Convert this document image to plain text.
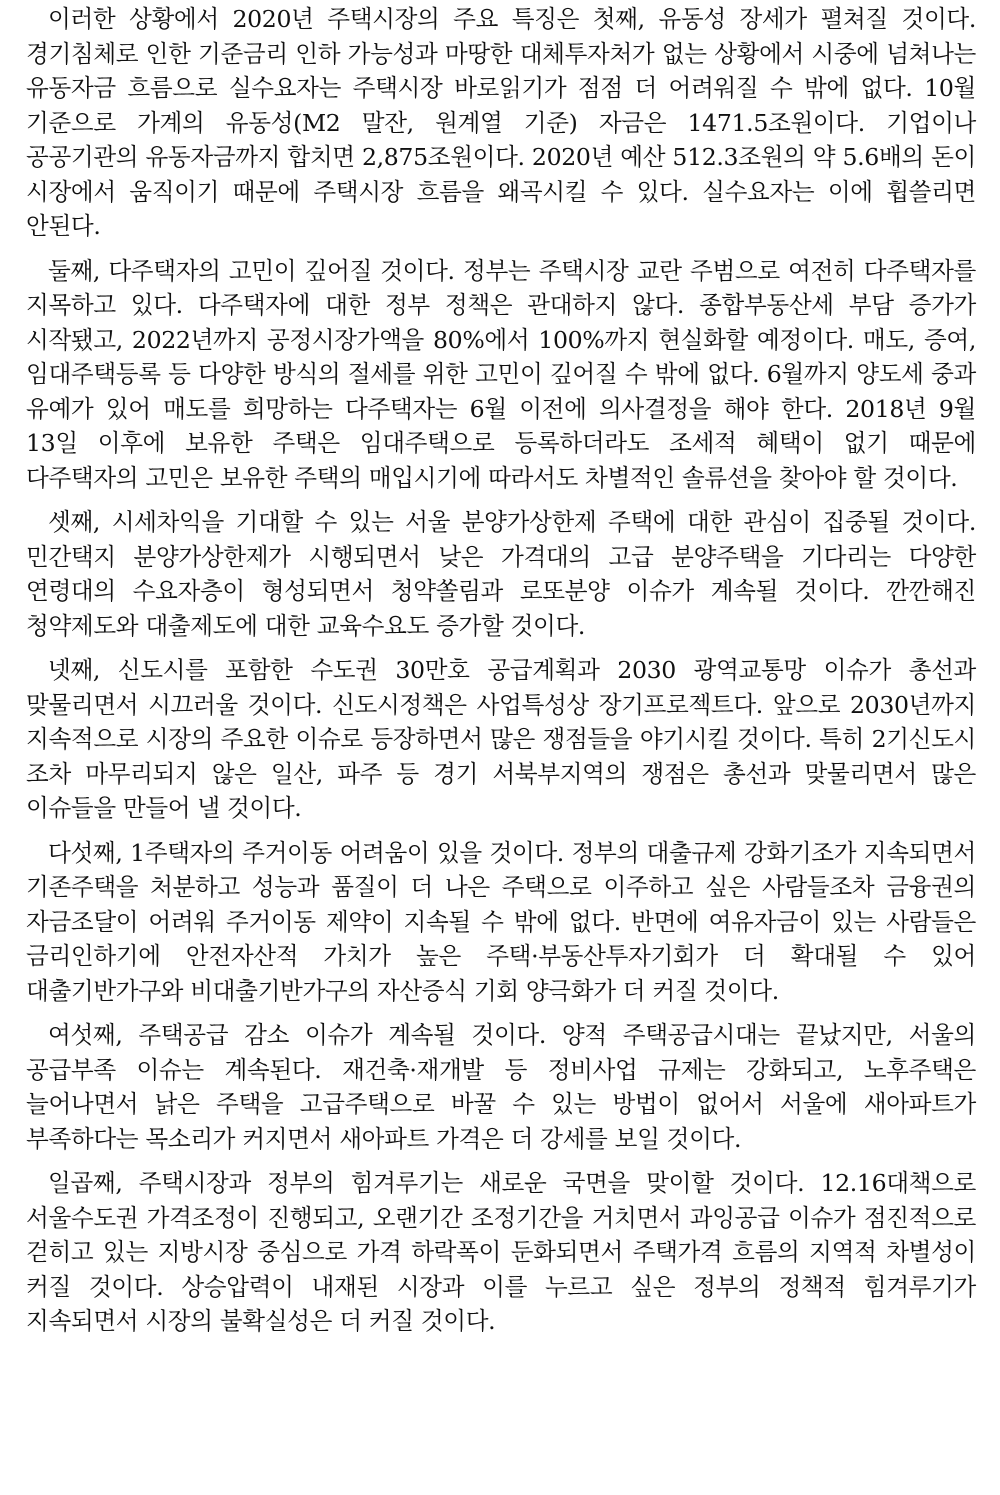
이러한 상황에서 2020년 주택시장의 주요 특징은 첫째, 유동성 장세가 펼쳐질 것이다. 경기침체로 인한 기준금리 인하 가능성과 마땅한 대체투자처가 없는 상황에서 시중에 넘쳐나는 유동자금 흐름으로 실수요자는 주택시장 바로읽기가 점점 더 어려워질 수 밖에 없다. 10월 기준으로 가계의 유동성(M2 말잔, 원계열 기준) 자금은 1471.5조원이다. 기업이나 공공기관의 유동자금까지 합치면 2,875조원이다. 2020년 예산 512.3조원의 약 5.6배의 돈이 시장에서 움직이기 때문에 주택시장 흐름을 왜곡시킬 수 있다. 실수요자는 이에 휩쓸리면 안된다.

둘째, 다주택자의 고민이 깊어질 것이다. 정부는 주택시장 교란 주범으로 여전히 다주택자를 지목하고 있다. 다주택자에 대한 정부 정책은 관대하지 않다. 종합부동산세 부담 증가가 시작됐고, 2022년까지 공정시장가액을 80%에서 100%까지 현실화할 예정이다. 매도, 증여, 임대주택등록 등 다양한 방식의 절세를 위한 고민이 깊어질 수 밖에 없다. 6월까지 양도세 중과 유예가 있어 매도를 희망하는 다주택자는 6월 이전에 의사결정을 해야 한다. 2018년 9월 13일 이후에 보유한 주택은 임대주택으로 등록하더라도 조세적 혜택이 없기 때문에 다주택자의 고민은 보유한 주택의 매입시기에 따라서도 차별적인 솔류션을 찾아야 할 것이다.

셋째, 시세차익을 기대할 수 있는 서울 분양가상한제 주택에 대한 관심이 집중될 것이다. 민간택지 분양가상한제가 시행되면서 낮은 가격대의 고급 분양주택을 기다리는 다양한 연령대의 수요자층이 형성되면서 청약쏠림과 로또분양 이슈가 계속될 것이다. 깐깐해진 청약제도와 대출제도에 대한 교육수요도 증가할 것이다.

넷째, 신도시를 포함한 수도권 30만호 공급계획과 2030 광역교통망 이슈가 총선과 맞물리면서 시끄러울 것이다. 신도시정책은 사업특성상 장기프로젝트다. 앞으로 2030년까지 지속적으로 시장의 주요한 이슈로 등장하면서 많은 쟁점들을 야기시킬 것이다. 특히 2기신도시 조차 마무리되지 않은 일산, 파주 등 경기 서북부지역의 쟁점은 총선과 맞물리면서 많은 이슈들을 만들어 낼 것이다.

다섯째, 1주택자의 주거이동 어려움이 있을 것이다. 정부의 대출규제 강화기조가 지속되면서 기존주택을 처분하고 성능과 품질이 더 나은 주택으로 이주하고 싶은 사람들조차 금융권의 자금조달이 어려워 주거이동 제약이 지속될 수 밖에 없다. 반면에 여유자금이 있는 사람들은 금리인하기에 안전자산적 가치가 높은 주택·부동산투자기회가 더 확대될 수 있어 대출기반가구와 비대출기반가구의 자산증식 기회 양극화가 더 커질 것이다.

여섯째, 주택공급 감소 이슈가 계속될 것이다. 양적 주택공급시대는 끝났지만, 서울의 공급부족 이슈는 계속된다. 재건축·재개발 등 정비사업 규제는 강화되고, 노후주택은 늘어나면서 낡은 주택을 고급주택으로 바꿀 수 있는 방법이 없어서 서울에 새아파트가 부족하다는 목소리가 커지면서 새아파트 가격은 더 강세를 보일 것이다.

일곱째, 주택시장과 정부의 힘겨루기는 새로운 국면을 맞이할 것이다. 12.16대책으로 서울수도권 가격조정이 진행되고, 오랜기간 조정기간을 거치면서 과잉공급 이슈가 점진적으로 걷히고 있는 지방시장 중심으로 가격 하락폭이 둔화되면서 주택가격 흐름의 지역적 차별성이 커질 것이다. 상승압력이 내재된 시장과 이를 누르고 싶은 정부의 정책적 힘겨루기가 지속되면서 시장의 불확실성은 더 커질 것이다.
